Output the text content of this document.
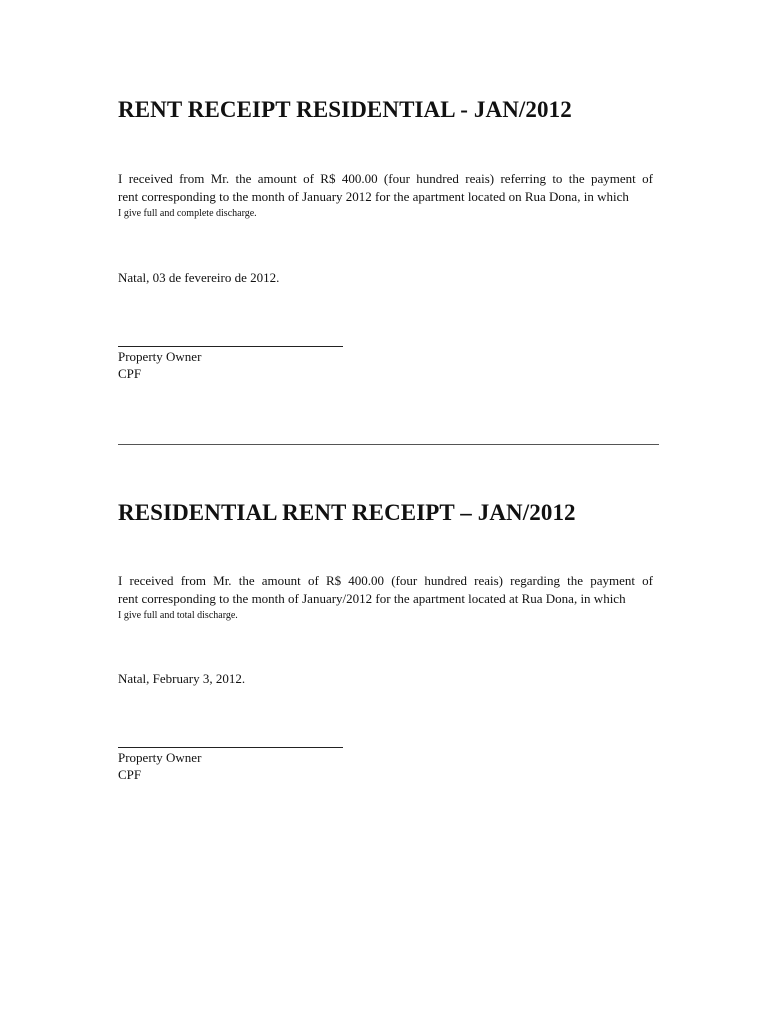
RENT RECEIPT RESIDENTIAL - JAN/2012
I received from Mr. the amount of R$ 400.00 (four hundred reais) referring to the payment of
rent corresponding to the month of January 2012 for the apartment located on Rua Dona, in which
I give full and complete discharge.
Natal, 03 de fevereiro de 2012.
Property Owner
CPF
RESIDENTIAL RENT RECEIPT – JAN/2012
I received from Mr. the amount of R$ 400.00 (four hundred reais) regarding the payment of
rent corresponding to the month of January/2012 for the apartment located at Rua Dona, in which
I give full and total discharge.
Natal, February 3, 2012.
Property Owner
CPF
